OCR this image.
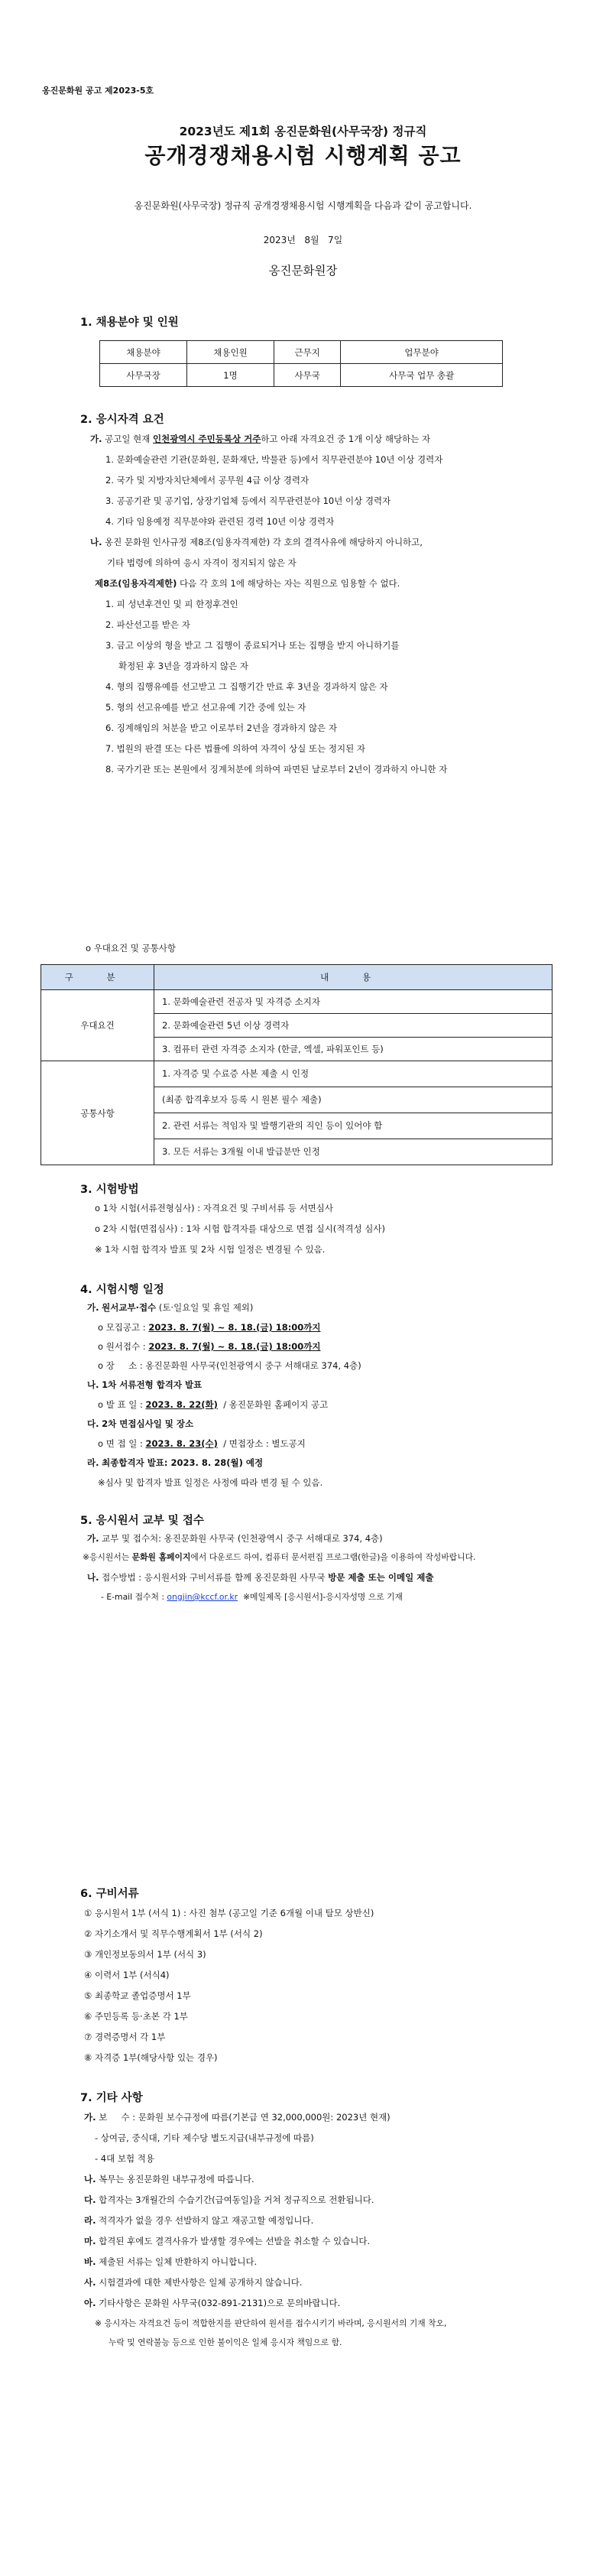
옹진문화원 공고 제2023-5호
2023년도 제1회 옹진문화원(사무국장) 정규직
공개경쟁채용시험 시행계획 공고
옹진문화원(사무국장) 정규직 공개경쟁채용시험 시행계획을 다음과 같이 공고합니다.
2023년   8월   7일
옹진문화원장
1. 채용분야 및 인원
채용분야	채용인원	근무지	업무분야
사무국장	1명	사무국	사무국 업무 총괄
2. 응시자격 요건
가. 공고일 현재 인천광역시 주민등록상 거주하고 아래 자격요건 중 1개 이상 해당하는 자
1. 문화예술관련 기관(문화원, 문화재단, 박물관 등)에서 직무관련분야 10년 이상 경력자
2. 국가 및 지방자치단체에서 공무원 4급 이상 경력자
3. 공공기관 및 공기업, 상장기업체 등에서 직무관련분야 10년 이상 경력자
4. 기타 임용예정 직무분야와 관련된 경력 10년 이상 경력자
나. 옹진 문화원 인사규정 제8조(임용자격제한) 각 호의 결격사유에 해당하지 아니하고,
기타 법령에 의하여 응시 자격이 정지되지 않은 자
제8조(임용자격제한) 다음 각 호의 1에 해당하는 자는 직원으로 임용할 수 없다.
1. 피 성년후견인 및 피 한정후견인
2. 파산선고를 받은 자
3. 금고 이상의 형을 받고 그 집행이 종료되거나 또는 집행을 받지 아니하기를
확정된 후 3년을 경과하지 않은 자
4. 형의 집행유예를 선고받고 그 집행기간 만료 후 3년을 경과하지 않은 자
5. 형의 선고유예를 받고 선고유예 기간 중에 있는 자
6. 징계해임의 처분을 받고 이로부터 2년을 경과하지 않은 자
7. 법원의 판결 또는 다른 법률에 의하여 자격이 상실 또는 정지된 자
8. 국가기관 또는 본원에서 징계처분에 의하여 파면된 날로부터 2년이 경과하지 아니한 자
o 우대요건 및 공통사항
구 분	내 용
우대요건	1. 문화예술관련 전공자 및 자격증 소지자
2. 문화예술관련 5년 이상 경력자
3. 컴퓨터 관련 자격증 소지자 (한글, 엑셀, 파워포인트 등)

공통사항	1. 자격증 및 수료증 사본 제출 시 인정
(최종 합격후보자 등록 시 원본 필수 제출)
2. 관련 서류는 적임자 및 발행기관의 직인 등이 있어야 함
3. 모든 서류는 3개월 이내 발급분만 인정
3. 시험방법
o 1차 시험(서류전형심사) : 자격요건 및 구비서류 등 서면심사
o 2차 시험(면접심사) : 1차 시험 합격자를 대상으로 면접 실시(적격성 심사)
※ 1차 시험 합격자 발표 및 2차 시험 일정은 변경될 수 있음.
4. 시험시행 일정
가. 원서교부·접수 (토·일요일 및 휴일 제외)
o 모집공고 : 2023. 8. 7(월) ~ 8. 18.(금) 18:00까지
o 원서접수 : 2023. 8. 7(월) ~ 8. 18.(금) 18:00까지
o 장     소 : 옹진문화원 사무국(인천광역시 중구 서해대로 374, 4층)
나. 1차 서류전형 합격자 발표
o 발 표 일 : 2023. 8. 22(화)  / 옹진문화원 홈페이지 공고
다. 2차 면접심사일 및 장소
o 면 접 일 : 2023. 8. 23(수)  / 면접장소 : 별도공지
라. 최종합격자 발표: 2023. 8. 28(월) 예정
※심사 및 합격자 발표 일정은 사정에 따라 변경 될 수 있음.
5. 응시원서 교부 및 접수
가. 교부 및 접수처: 옹진문화원 사무국 (인천광역시 중구 서해대로 374, 4층)
※응시원서는 문화원 홈페이지에서 다운로드 하여, 컴퓨터 문서편집 프로그램(한글)을 이용하여 작성바랍니다.
나. 접수방법 : 응시원서와 구비서류를 함께 옹진문화원 사무국 방문 제출 또는 이메일 제출
- E-mail 접수처 : ongjin@kccf.or.kr  ※메일제목 [응시원서]-응시자성명 으로 기재
6. 구비서류
① 응시원서 1부 (서식 1) : 사진 첨부 (공고일 기준 6개월 이내 탈모 상반신)
② 자기소개서 및 직무수행계획서 1부 (서식 2)
③ 개인정보동의서 1부 (서식 3)
④ 이력서 1부 (서식4)
⑤ 최종학교 졸업증명서 1부
⑥ 주민등록 등·초본 각 1부
⑦ 경력증명서 각 1부
⑧ 자격증 1부(해당사항 있는 경우)
7. 기타 사항
가. 보     수 : 문화원 보수규정에 따름(기본급 연 32,000,000원: 2023년 현재)
- 상여금, 중식대, 기타 제수당 별도지급(내부규정에 따름)
- 4대 보험 적용
나. 복무는 옹진문화원 내부규정에 따릅니다.
다. 합격자는 3개월간의 수습기간(급여동일)을 거쳐 정규직으로 전환됩니다.
라. 적격자가 없을 경우 선발하지 않고 재공고할 예정입니다.
마. 합격된 후에도 결격사유가 발생할 경우에는 선발을 취소할 수 있습니다.
바. 제출된 서류는 일체 반환하지 아니합니다.
사. 시험결과에 대한 제반사항은 일체 공개하지 않습니다.
아. 기타사항은 문화원 사무국(032-891-2131)으로 문의바랍니다.
※ 응시자는 자격요건 등이 적합한지를 판단하여 원서를 접수시키기 바라며, 응시원서의 기재 착오,
누락 및 연락불능 등으로 인한 불이익은 일체 응시자 책임으로 함.
